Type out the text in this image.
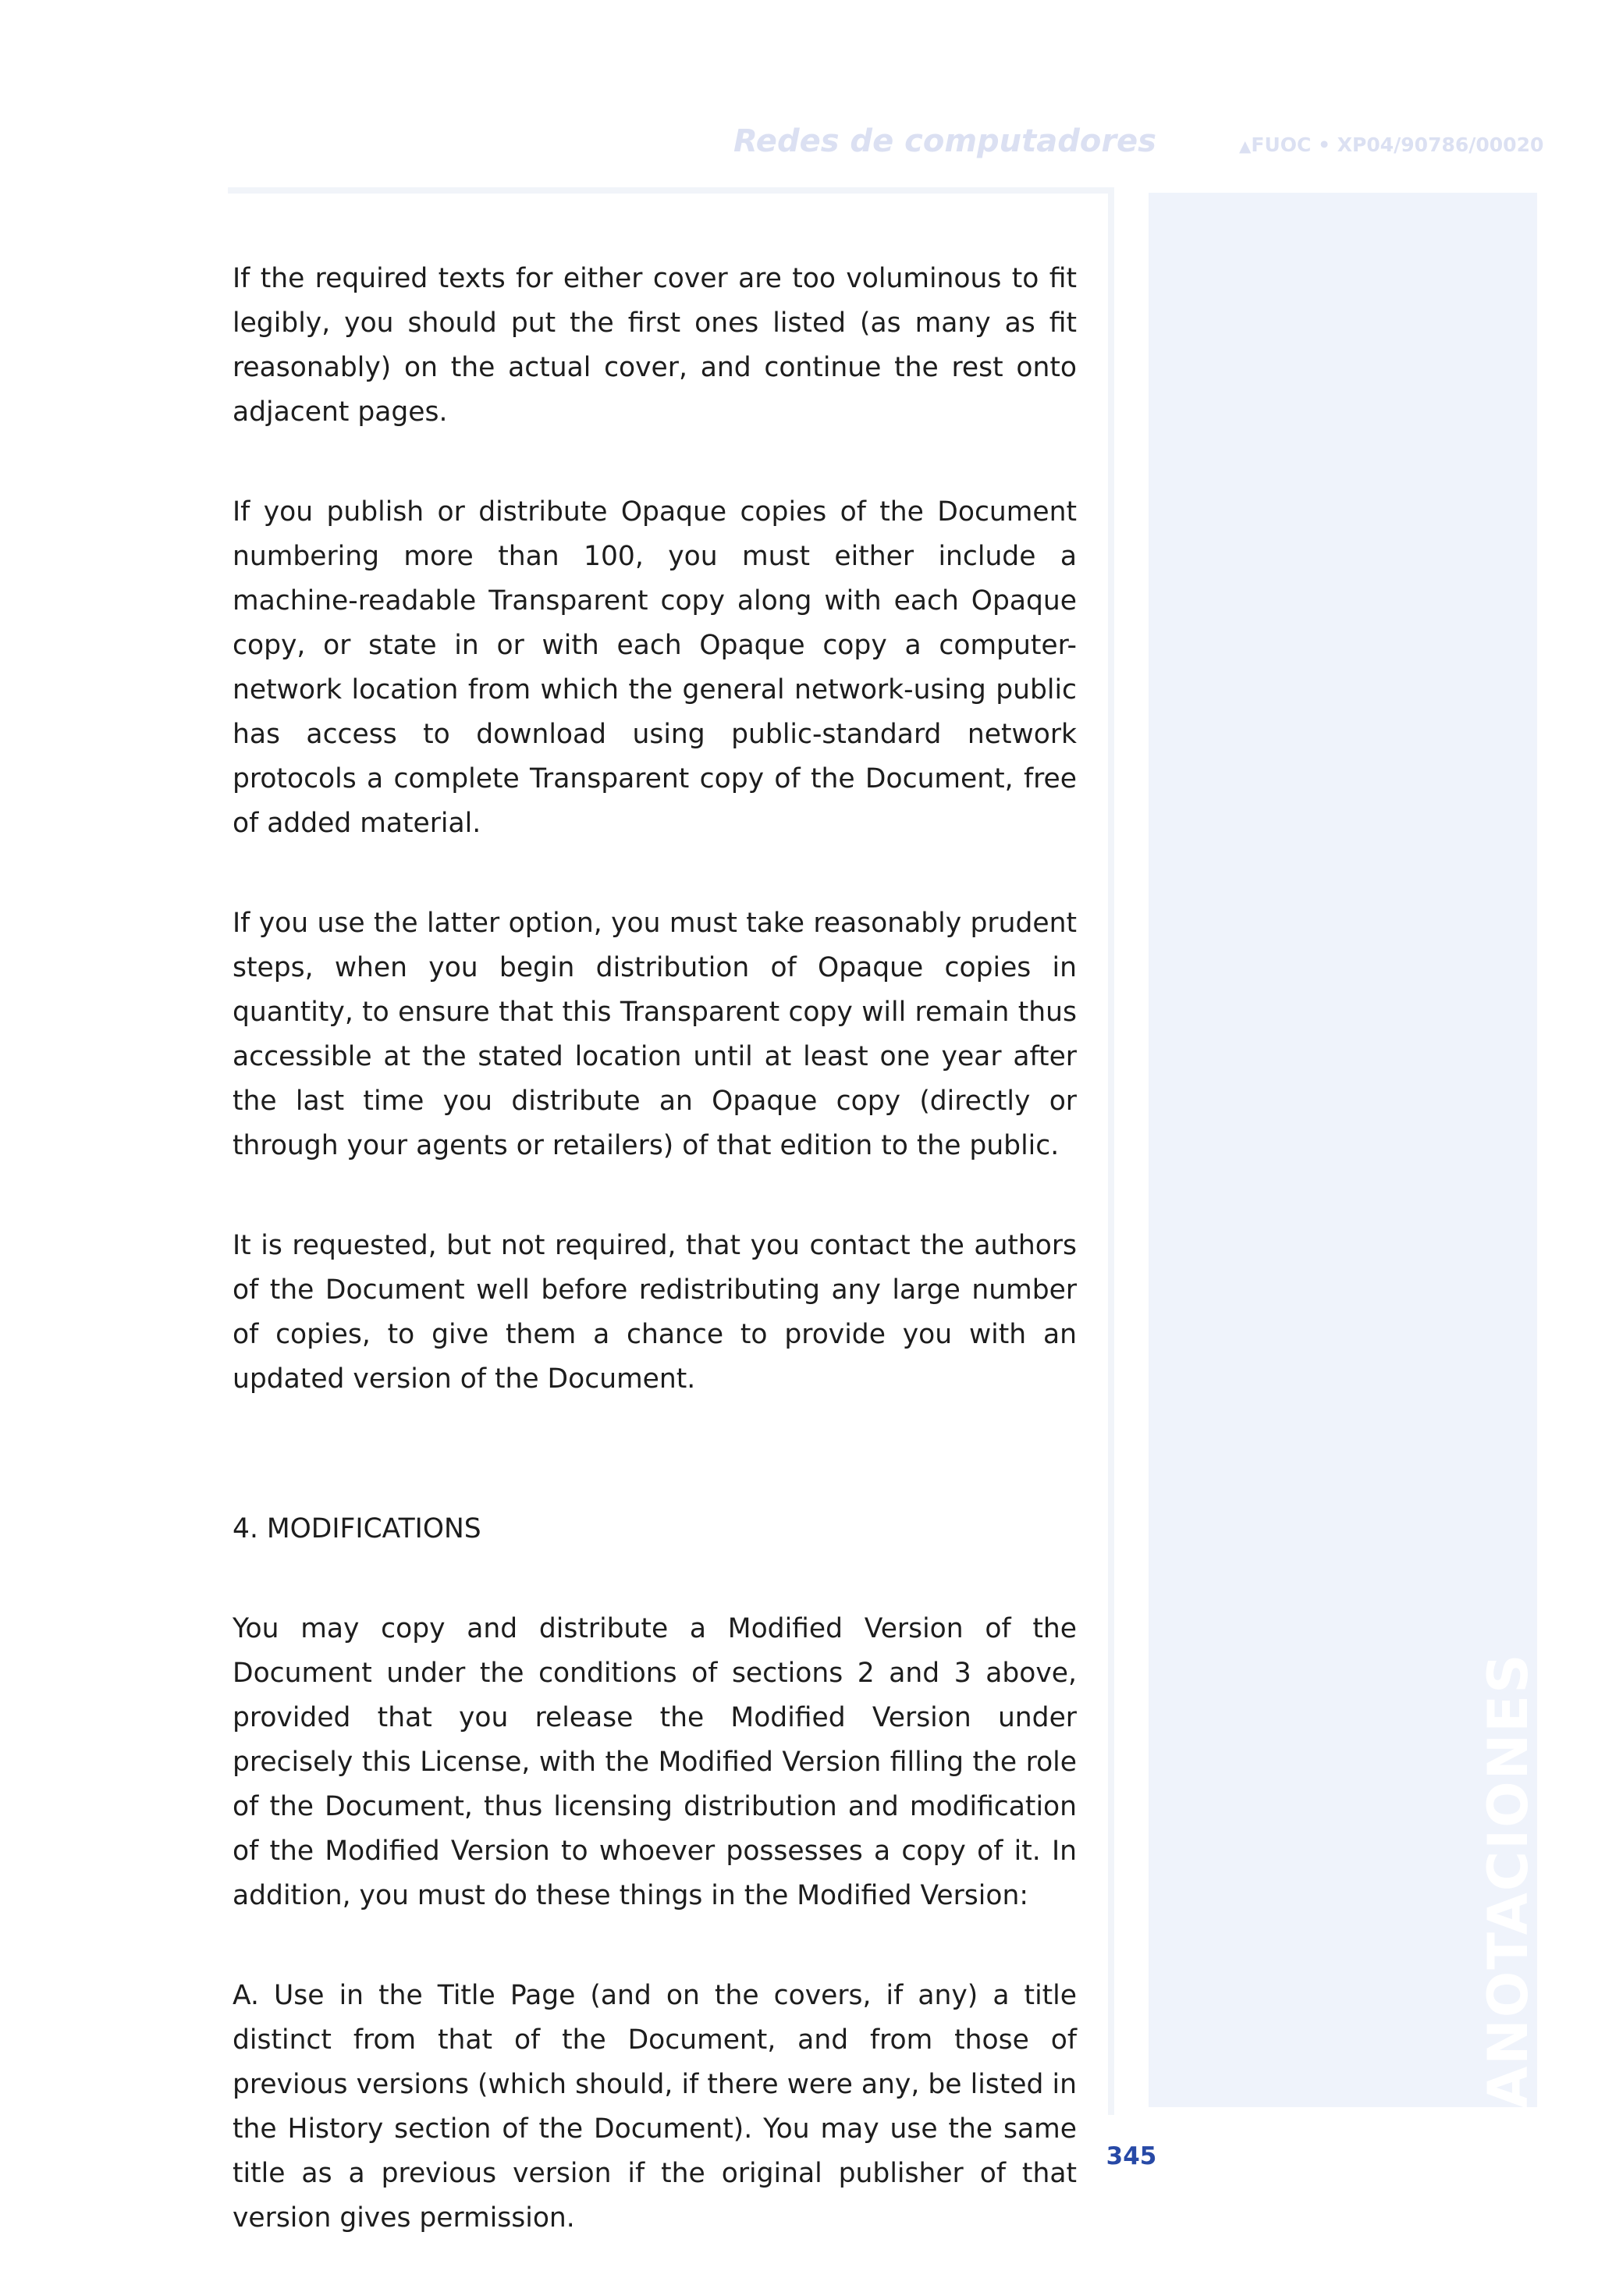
Redes de computadores	▲FUOC • XP04/90786/00020
ANOTACIONES

If the required texts for either cover are too voluminous to fit legibly, you should put the first ones listed (as many as fit reasonably) on the actual cover, and continue the rest onto adjacent pages.

If you publish or distribute Opaque copies of the Document numbering more than 100, you must either include a machine-readable Transparent copy along with each Opaque copy, or state in or with each Opaque copy a computer-network location from which the general network-using public has access to download using public-standard network protocols a complete Transparent copy of the Document, free of added material.

If you use the latter option, you must take reasonably prudent steps, when you begin distribution of Opaque copies in quantity, to ensure that this Transparent copy will remain thus accessible at the stated location until at least one year after the last time you distribute an Opaque copy (directly or through your agents or retailers) of that edition to the public.

It is requested, but not required, that you contact the authors of the Document well before redistributing any large number of copies, to give them a chance to provide you with an updated version of the Document.

4. MODIFICATIONS

You may copy and distribute a Modified Version of the Document under the conditions of sections 2 and 3 above, provided that you release the Modified Version under precisely this License, with the Modified Version filling the role of the Document, thus licensing distribution and modification of the Modified Version to whoever possesses a copy of it. In addition, you must do these things in the Modified Version:

A. Use in the Title Page (and on the covers, if any) a title distinct from that of the Document, and from those of previous versions (which should, if there were any, be listed in the History section of the Document). You may use the same title as a previous version if the original publisher of that version gives permission.

345
